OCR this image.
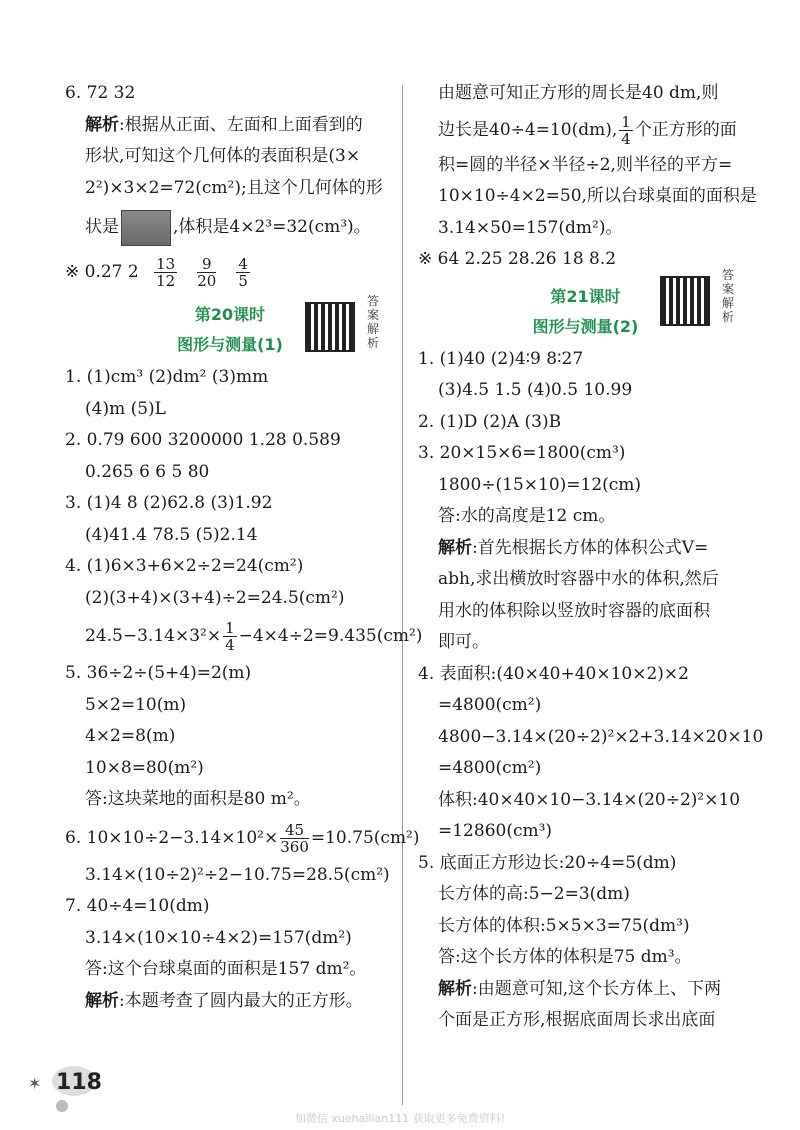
6. 72 32
解析:根据从正面、左面和上面看到的
形状,可知这个几何体的表面积是(3×
2²)×3×2=72(cm²);且这个几何体的形
状是	,体积是4×2³=32(cm³)。
※ 0.27 $2 \frac{13}{12} \frac{9}{20} \frac{4}{5}$
第20课时
图形与测量(1)
答案解析
1. (1)cm³ (2)dm² (3)mm
(4)m (5)L
2. 0.79 600 3200000 1.28 0.589
0.265 6 6 5 80
3. (1)4 8 (2)62.8 (3)1.92
(4)41.4 78.5 (5)2.14
4. (1)6×3+6×2÷2=24(cm²)
(2)(3+4)×(3+4)÷2=24.5(cm²)
$24.5-3.14\times 3^2\times \frac{1}{4} -4\times 4\div 2=9.435(cm^2)$
5. 36÷2÷(5+4)=2(m)
5×2=10(m)
4×2=8(m)
10×8=80(m²)
答:这块菜地的面积是80 m²。
6. $10\times 10\div 2-3.14\times 10^2\times \frac{45}{360} =10.75(cm^2)$
3.14×(10÷2)²÷2−10.75=28.5(cm²)
7. 40÷4=10(dm)
3.14×(10×10÷4×2)=157(dm²)
答:这个台球桌面的面积是157 dm²。
解析:本题考查了圆内最大的正方形。
由题意可知正方形的周长是40 dm,则
边长是40÷4=10(dm), $\frac{1}{4}$ 个正方形的面
积=圆的半径×半径÷2,则半径的平方=
10×10÷4×2=50,所以台球桌面的面积是
3.14×50=157(dm²)。
※ 64 2.25 28.26 18 8.2
第21课时
图形与测量(2)
答案解析
1. (1)40 (2)4∶9 8∶27
(3)4.5 1.5 (4)0.5 10.99
2. (1)D (2)A (3)B
3. 20×15×6=1800(cm³)
1800÷(15×10)=12(cm)
答:水的高度是12 cm。
解析:首先根据长方体的体积公式V=
abh,求出横放时容器中水的体积,然后
用水的体积除以竖放时容器的底面积
即可。
4. 表面积:(40×40+40×10×2)×2
=4800(cm²)
4800−3.14×(20÷2)²×2+3.14×20×10
=4800(cm²)
体积:40×40×10−3.14×(20÷2)²×10
=12860(cm³)
5. 底面正方形边长:20÷4=5(dm)
长方体的高:5−2=3(dm)
长方体的体积:5×5×3=75(dm³)
答:这个长方体的体积是75 dm³。
解析:由题意可知,这个长方体上、下两
个面是正方形,根据底面周长求出底面
✶ 118
加微信 xuehailian111 获取更多免费资料!
